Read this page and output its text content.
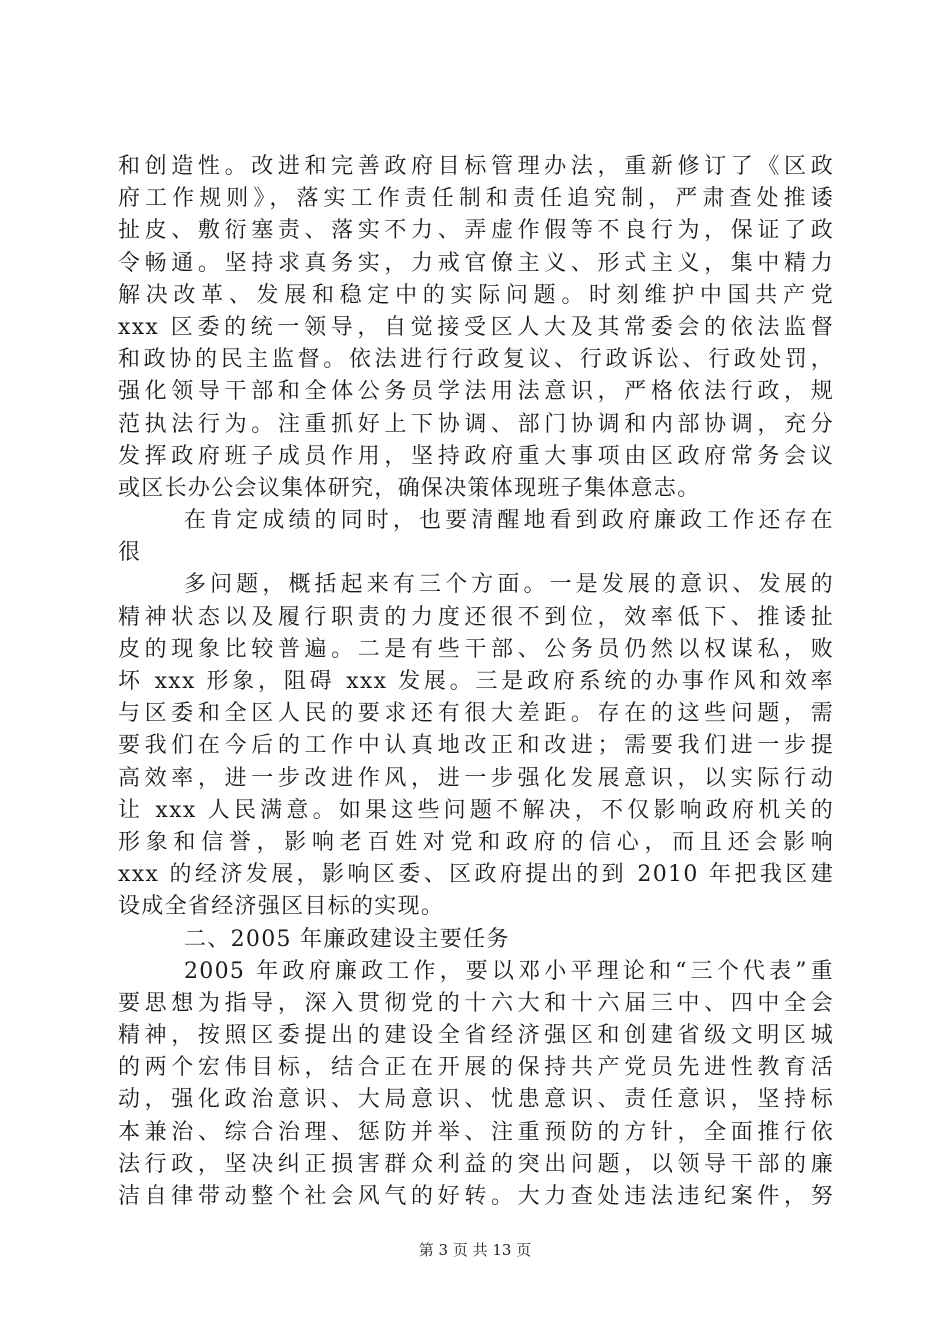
和创造性。改进和完善政府目标管理办法，重新修订了《区政
府工作规则》，落实工作责任制和责任追究制，严肃查处推诿
扯皮、敷衍塞责、落实不力、弄虚作假等不良行为，保证了政
令畅通。坚持求真务实，力戒官僚主义、形式主义，集中精力
解决改革、发展和稳定中的实际问题。时刻维护中国共产党
xxx 区委的统一领导，自觉接受区人大及其常委会的依法监督
和政协的民主监督。依法进行行政复议、行政诉讼、行政处罚，
强化领导干部和全体公务员学法用法意识，严格依法行政，规
范执法行为。注重抓好上下协调、部门协调和内部协调，充分
发挥政府班子成员作用，坚持政府重大事项由区政府常务会议
或区长办公会议集体研究，确保决策体现班子集体意志。
在肯定成绩的同时，也要清醒地看到政府廉政工作还存在
很
多问题，概括起来有三个方面。一是发展的意识、发展的
精神状态以及履行职责的力度还很不到位，效率低下、推诿扯
皮的现象比较普遍。二是有些干部、公务员仍然以权谋私，败
坏 xxx 形象，阻碍 xxx 发展。三是政府系统的办事作风和效率
与区委和全区人民的要求还有很大差距。存在的这些问题，需
要我们在今后的工作中认真地改正和改进；需要我们进一步提
高效率，进一步改进作风，进一步强化发展意识，以实际行动
让 xxx 人民满意。如果这些问题不解决，不仅影响政府机关的
形象和信誉，影响老百姓对党和政府的信心，而且还会影响
xxx 的经济发展，影响区委、区政府提出的到 2010 年把我区建
设成全省经济强区目标的实现。
二、2005 年廉政建设主要任务
2005 年政府廉政工作，要以邓小平理论和“三个代表”重
要思想为指导，深入贯彻党的十六大和十六届三中、四中全会
精神，按照区委提出的建设全省经济强区和创建省级文明区城
的两个宏伟目标，结合正在开展的保持共产党员先进性教育活
动，强化政治意识、大局意识、忧患意识、责任意识，坚持标
本兼治、综合治理、惩防并举、注重预防的方针，全面推行依
法行政，坚决纠正损害群众利益的突出问题，以领导干部的廉
洁自律带动整个社会风气的好转。大力查处违法违纪案件，努
第 3 页 共 13 页
